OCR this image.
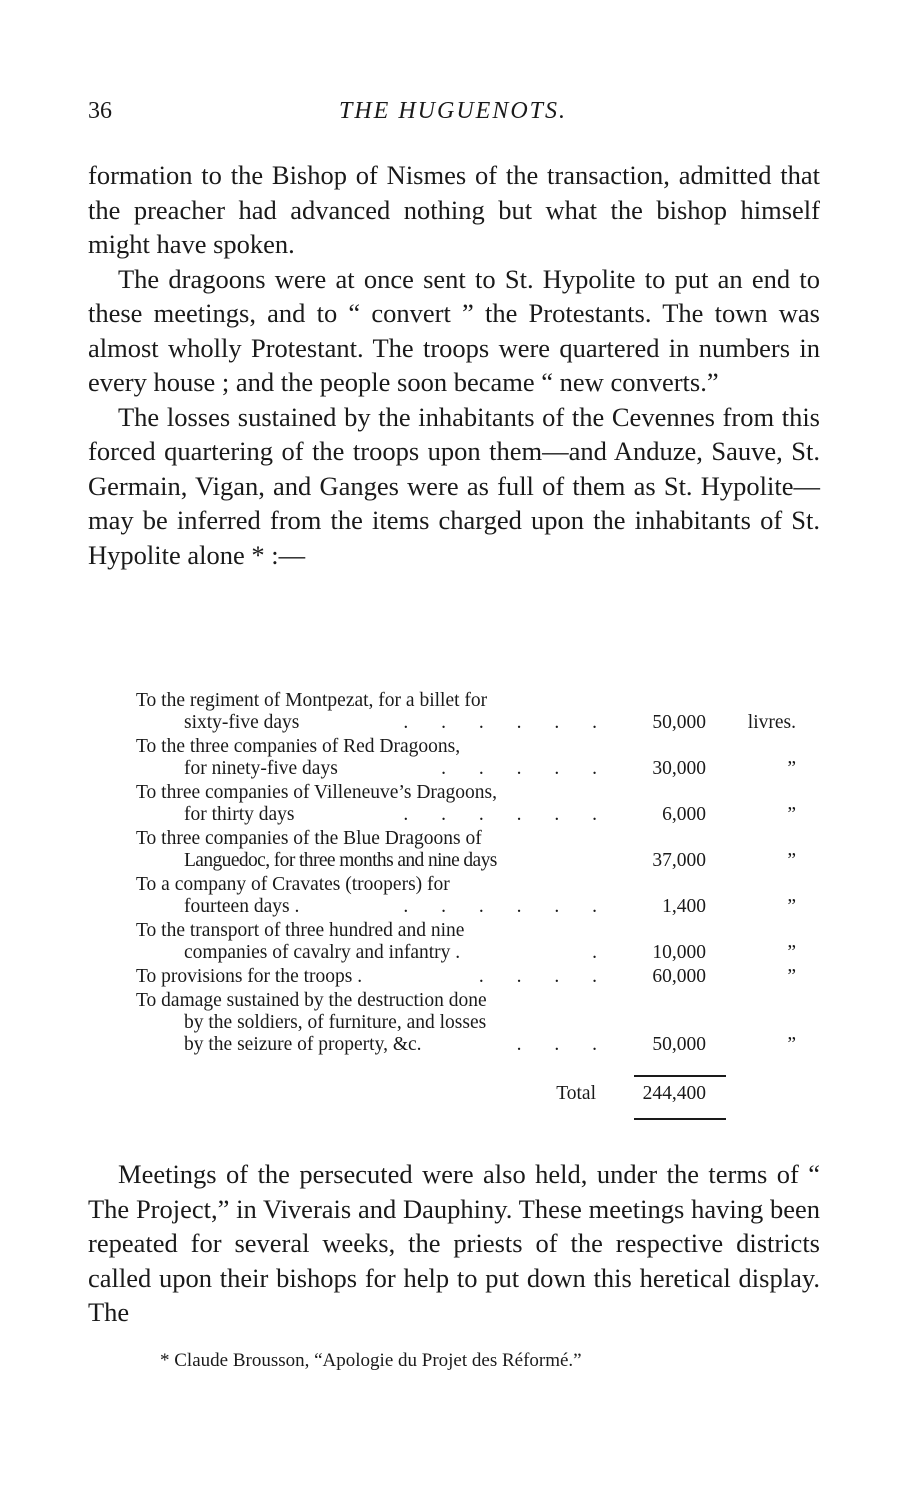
36	THE HUGUENOTS.

formation to the Bishop of Nismes of the transaction, admitted that the preacher had advanced nothing but what the bishop himself might have spoken.

The dragoons were at once sent to St. Hypolite to put an end to these meetings, and to “ convert ” the Protestants. The town was almost wholly Protestant. The troops were quartered in numbers in every house ; and the people soon became “ new converts.”

The losses sustained by the inhabitants of the Cevennes from this forced quartering of the troops upon them—and Anduze, Sauve, St. Germain, Vigan, and Ganges were as full of them as St. Hypolite—may be inferred from the items charged upon the inhabitants of St. Hypolite alone * :—

To the regiment of Montpezat, for a billet for
sixty-five days	. . . . . .	50,000	livres.
To the three companies of Red Dragoons,
for ninety-five days	. . . . .	30,000	”
To three companies of Villeneuve’s Dragoons,
for thirty days	. . . . . .	6,000	”
To three companies of the Blue Dragoons of
Languedoc, for three months and nine days	37,000	”
To a company of Cravates (troopers) for
fourteen days .	. . . . . .	1,400	”
To the transport of three hundred and nine
companies of cavalry and infantry .	.	10,000	”
To provisions for the troops .	. . . .	60,000	”
To damage sustained by the destruction done
by the soldiers, of furniture, and losses
by the seizure of property, &c.	. . .	50,000	”
Total	244,400

Meetings of the persecuted were also held, under the terms of “ The Project,” in Viverais and Dauphiny. These meetings having been repeated for several weeks, the priests of the respective districts called upon their bishops for help to put down this heretical display. The

* Claude Brousson, “Apologie du Projet des Réformé.”
